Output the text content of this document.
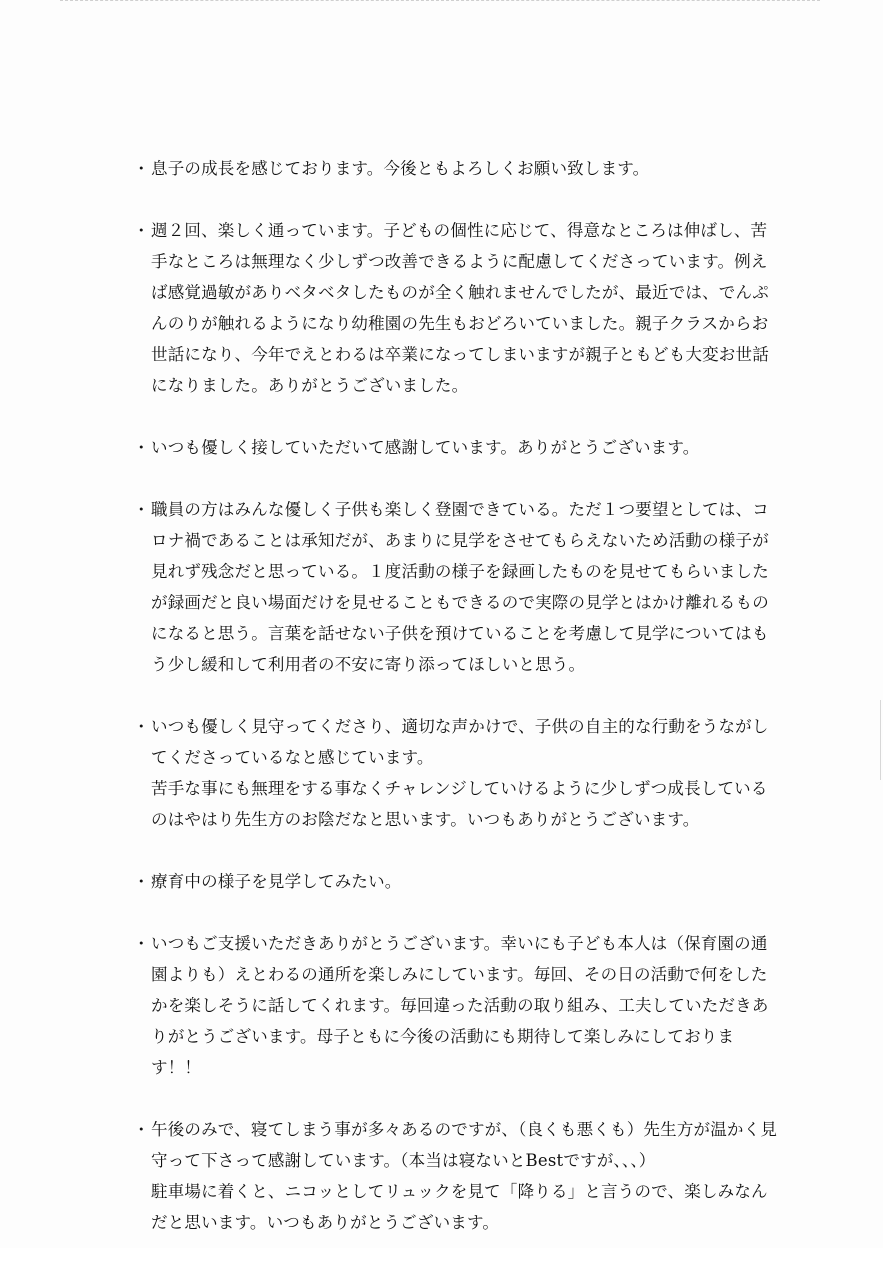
・ 息子の成長を感じております。今後ともよろしくお願い致します。
・ 週２回、楽しく通っています。子どもの個性に応じて、得意なところは伸ばし、苦手なところは無理なく少しずつ改善できるように配慮してくださっています。例えば感覚過敏がありベタベタしたものが全く触れませんでしたが、最近では、でんぷんのりが触れるようになり幼稚園の先生もおどろいていました。親子クラスからお世話になり、今年でえとわるは卒業になってしまいますが親子ともども大変お世話になりました。ありがとうございました。
・ いつも優しく接していただいて感謝しています。ありがとうございます。
・ 職員の方はみんな優しく子供も楽しく登園できている。ただ１つ要望としては、コロナ禍であることは承知だが、あまりに見学をさせてもらえないため活動の様子が見れず残念だと思っている。１度活動の様子を録画したものを見せてもらいましたが録画だと良い場面だけを見せることもできるので実際の見学とはかけ離れるものになると思う。言葉を話せない子供を預けていることを考慮して見学についてはもう少し緩和して利用者の不安に寄り添ってほしいと思う。
・ いつも優しく見守ってくださり、適切な声かけで、子供の自主的な行動をうながしてくださっているなと感じています。
苦手な事にも無理をする事なくチャレンジしていけるように少しずつ成長しているのはやはり先生方のお陰だなと思います。いつもありがとうございます。
・ 療育中の様子を見学してみたい。
・ いつもご支援いただきありがとうございます。幸いにも子ども本人は（保育園の通園よりも）えとわるの通所を楽しみにしています。毎回、その日の活動で何をしたかを楽しそうに話してくれます。毎回違った活動の取り組み、工夫していただきありがとうございます。母子ともに今後の活動にも期待して楽しみにしております！！
・ 午後のみで、寝てしまう事が多々あるのですが、（良くも悪くも）先生方が温かく見守って下さって感謝しています。（本当は寝ないとBestですが、、、）
駐車場に着くと、ニコッとしてリュックを見て「降りる」と言うので、楽しみなんだと思います。いつもありがとうございます。
